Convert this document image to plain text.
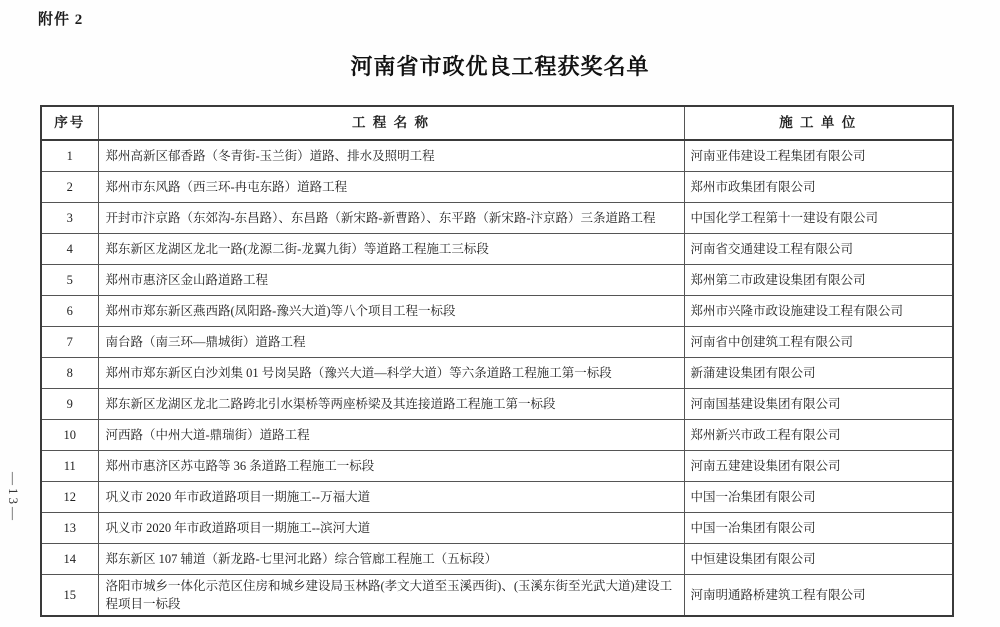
附件 2
河南省市政优良工程获奖名单
—13—
序号	工 程 名 称	施 工 单 位
1	郑州高新区郁香路（冬青街-玉兰街）道路、排水及照明工程	河南亚伟建设工程集团有限公司
2	郑州市东风路（西三环-冉屯东路）道路工程	郑州市政集团有限公司
3	开封市汴京路（东郊沟-东昌路）、东昌路（新宋路-新曹路）、东平路（新宋路-汴京路）三条道路工程	中国化学工程第十一建设有限公司
4	郑东新区龙湖区龙北一路(龙源二街-龙翼九街）等道路工程施工三标段	河南省交通建设工程有限公司
5	郑州市惠济区金山路道路工程	郑州第二市政建设集团有限公司
6	郑州市郑东新区燕西路(凤阳路-豫兴大道)等八个项目工程一标段	郑州市兴隆市政设施建设工程有限公司
7	南台路（南三环—鼎城街）道路工程	河南省中创建筑工程有限公司
8	郑州市郑东新区白沙刘集 01 号岗吴路（豫兴大道—科学大道）等六条道路工程施工第一标段	新蒲建设集团有限公司
9	郑东新区龙湖区龙北二路跨北引水渠桥等两座桥梁及其连接道路工程施工第一标段	河南国基建设集团有限公司
10	河西路（中州大道-鼎瑞街）道路工程	郑州新兴市政工程有限公司
11	郑州市惠济区苏屯路等 36 条道路工程施工一标段	河南五建建设集团有限公司
12	巩义市 2020 年市政道路项目一期施工--万福大道	中国一冶集团有限公司
13	巩义市 2020 年市政道路项目一期施工--滨河大道	中国一冶集团有限公司
14	郑东新区 107 辅道（新龙路-七里河北路）综合管廊工程施工（五标段）	中恒建设集团有限公司
15	洛阳市城乡一体化示范区住房和城乡建设局玉林路(孝文大道至玉溪西街)、(玉溪东街至光武大道)建设工程项目一标段	河南明通路桥建筑工程有限公司
